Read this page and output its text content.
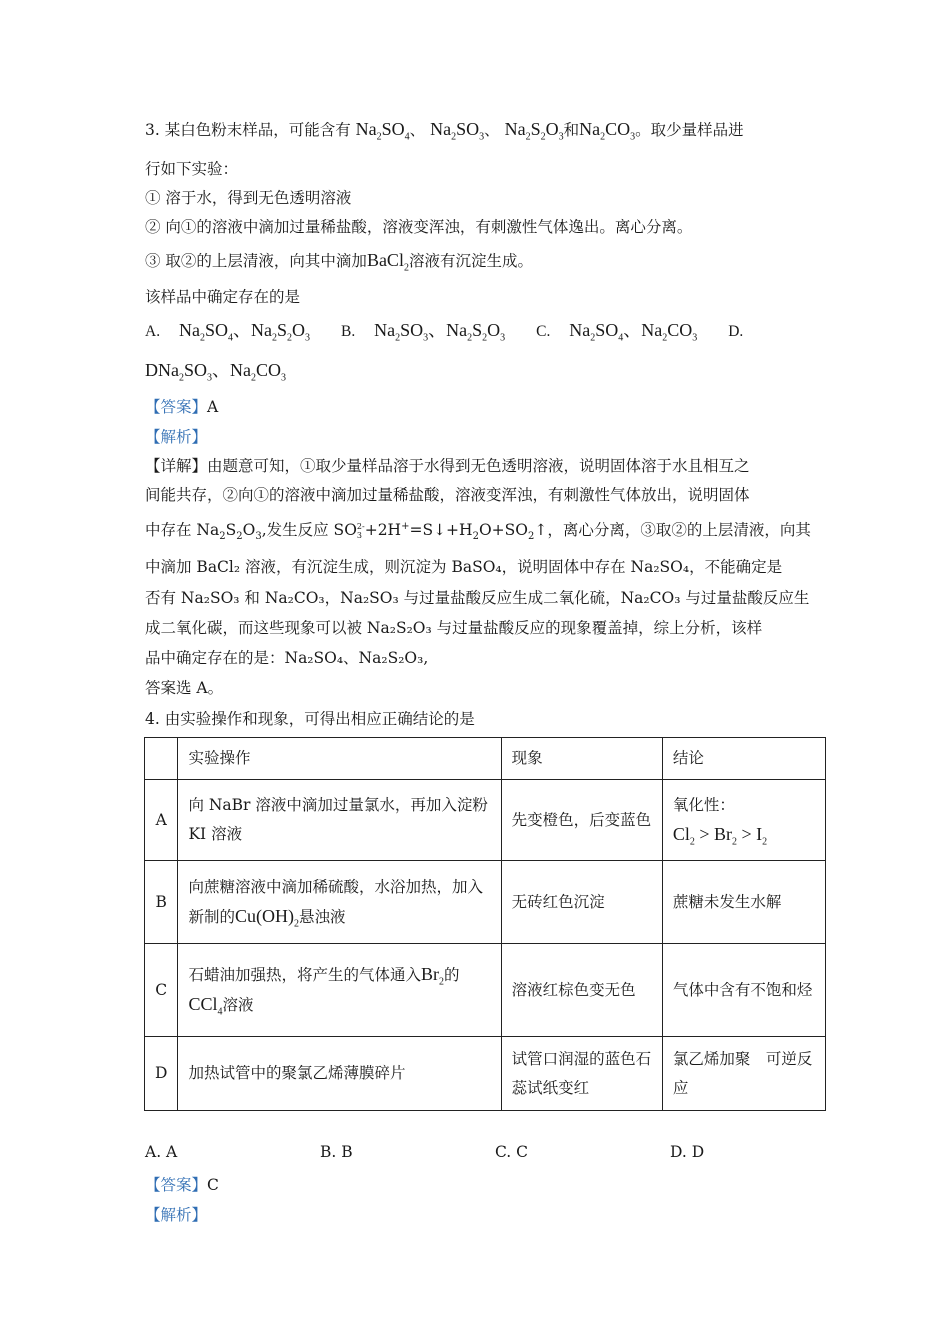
3. 某白色粉末样品，可能含有 $Na_2SO_4$、 $Na_2SO_3$、 $Na_2S_2O_3$和$Na_2CO_3$。取少量样品进
行如下实验：
① 溶于水，得到无色透明溶液
② 向①的溶液中滴加过量稀盐酸，溶液变浑浊，有刺激性气体逸出。离心分离。
③ 取②的上层清液，向其中滴加BaCl$_2$溶液有沉淀生成。
该样品中确定存在的是
A. $Na_2SO_4$、$Na_2S_2O_3$ B. $Na_2SO_3$、$Na_2S_2O_3$ C. $Na_2SO_4$、$Na_2CO_3$ D.
$DNa_2SO_3$、$Na_2CO_3$
【答案】A
【解析】
【详解】由题意可知，①取少量样品溶于水得到无色透明溶液，说明固体溶于水且相互之
间能共存，②向①的溶液中滴加过量稀盐酸，溶液变浑浊，有刺激性气体放出，说明固体
中存在 $Na_2S_2O_3$,发生反应 SO 2-
$3 +2H^+=S↓+H_2O+SO_2↑$，离心分离，③取②的上层清液，向其
中滴加 BaCl₂ 溶液，有沉淀生成，则沉淀为 BaSO₄，说明固体中存在 Na₂SO₄，不能确定是
否有 Na₂SO₃ 和 Na₂CO₃，Na₂SO₃ 与过量盐酸反应生成二氧化硫，Na₂CO₃ 与过量盐酸反应生
成二氧化碳，而这些现象可以被 Na₂S₂O₃ 与过量盐酸反应的现象覆盖掉，综上分析，该样
品中确定存在的是：Na₂SO₄、Na₂S₂O₃,
答案选 A。
4. 由实验操作和现象，可得出相应正确结论的是
	实验操作	现象	结论
A	向 NaBr 溶液中滴加过量氯水，再加入淀粉 KI 溶液	先变橙色，后变蓝色	氧化性：
$Cl_2 > Br_2 > I_2$

B	向蔗糖溶液中滴加稀硫酸，水浴加热，加入新制的$Cu(OH)_2$悬浊液	无砖红色沉淀	蔗糖未发生水解
C	石蜡油加强热，将产生的气体通入$Br_2$的
CCl$_4$溶液	溶液红棕色变无色	气体中含有不饱和烃
D	加热试管中的聚氯乙烯薄膜碎片	试管口润湿的蓝色石蕊试纸变红	氯乙烯加聚　可逆反应
A. A	B. B	C. C	D. D
【答案】C
【解析】
